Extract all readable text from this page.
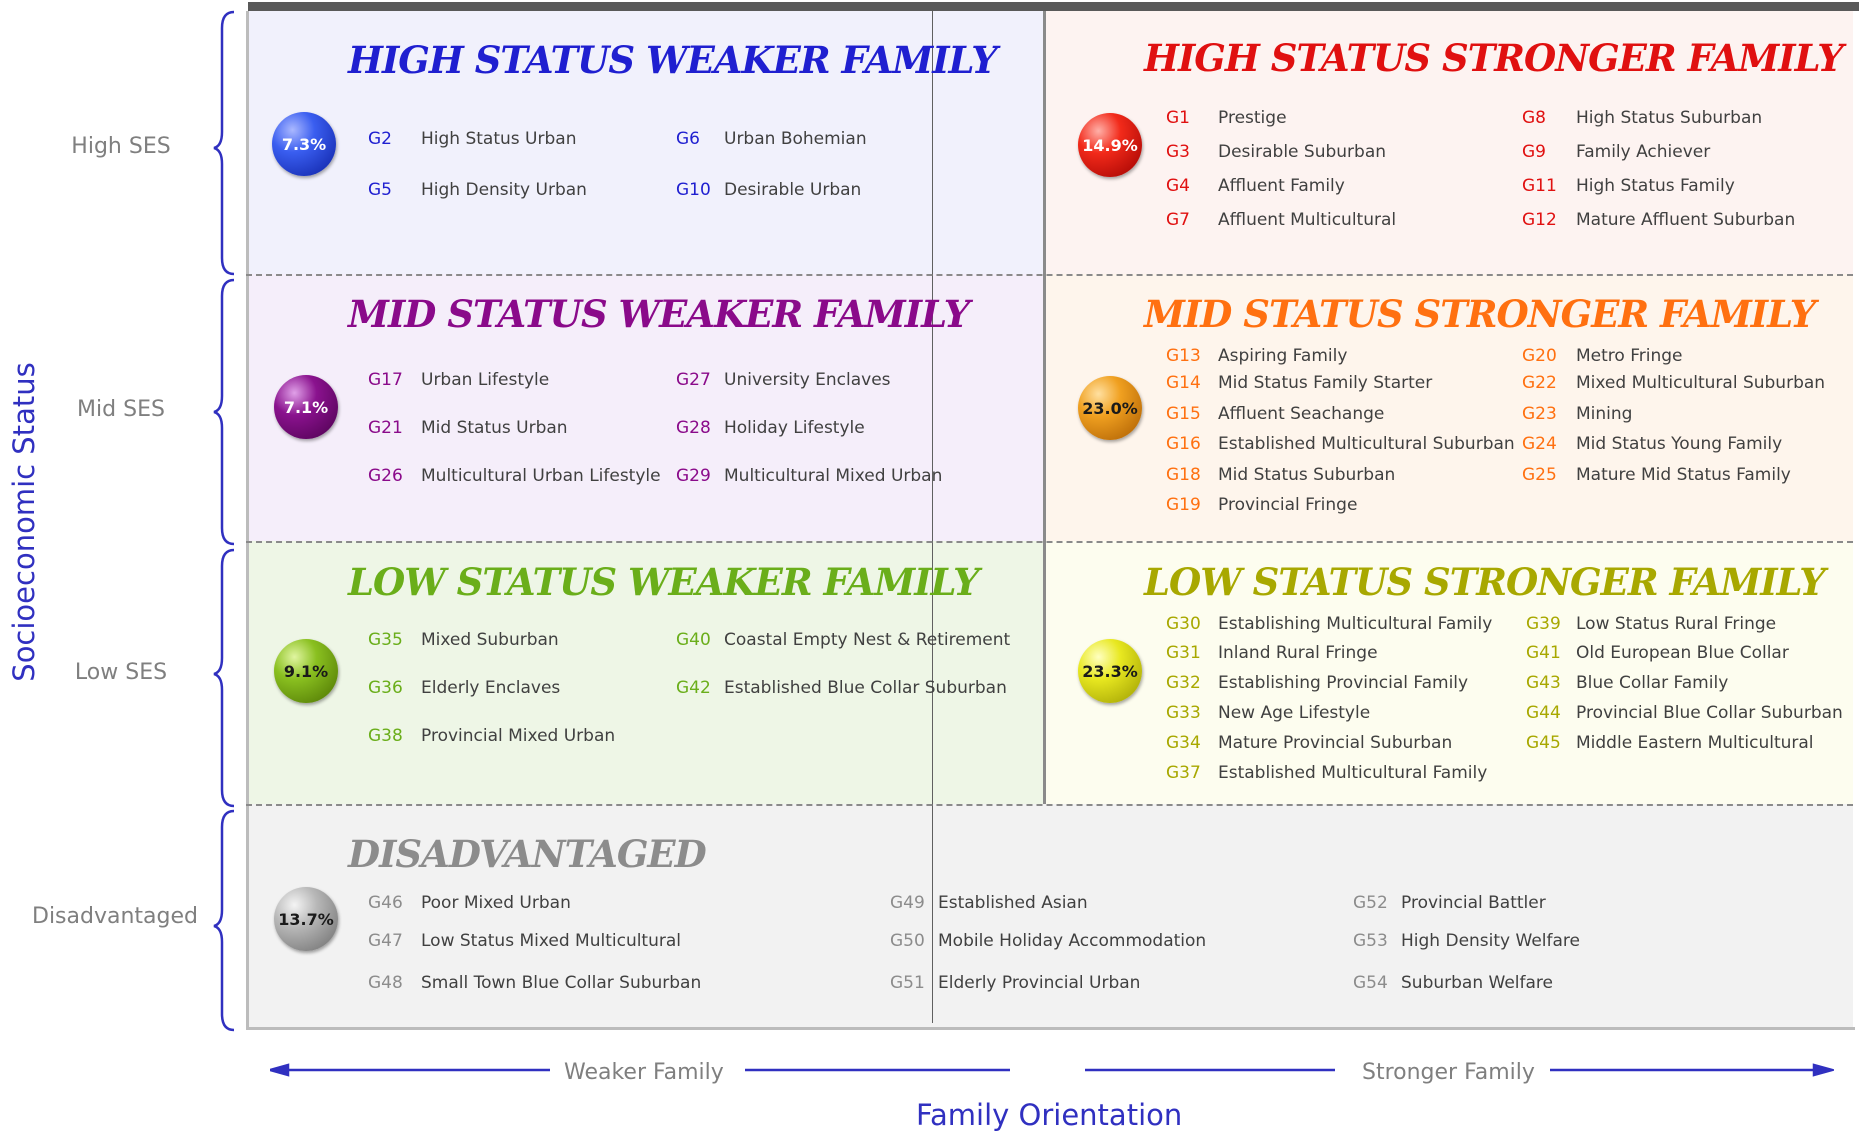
HIGH STATUS WEAKER FAMILY	HIGH STATUS STRONGER FAMILY
MID STATUS WEAKER FAMILY	MID STATUS STRONGER FAMILY
LOW STATUS WEAKER FAMILY	LOW STATUS STRONGER FAMILY
DISADVANTAGED
7.3%	14.9%
7.1%	23.0%
9.1%	23.3%
13.7%
G2 High Status Urban
G5 High Density Urban
G6 Urban Bohemian
G10 Desirable Urban
G1 Prestige
G3 Desirable Suburban
G4 Affluent Family
G7 Affluent Multicultural
G8 High Status Suburban
G9 Family Achiever
G11 High Status Family
G12 Mature Affluent Suburban
G17 Urban Lifestyle
G21 Mid Status Urban
G26 Multicultural Urban Lifestyle
G27 University Enclaves
G28 Holiday Lifestyle
G29 Multicultural Mixed Urban
G13 Aspiring Family
G14 Mid Status Family Starter
G15 Affluent Seachange
G16 Established Multicultural Suburban
G18 Mid Status Suburban
G19 Provincial Fringe
G20 Metro Fringe
G22 Mixed Multicultural Suburban
G23 Mining
G24 Mid Status Young Family
G25 Mature Mid Status Family
G35 Mixed Suburban
G36 Elderly Enclaves
G38 Provincial Mixed Urban
G40 Coastal Empty Nest & Retirement
G42 Established Blue Collar Suburban
G30 Establishing Multicultural Family
G31 Inland Rural Fringe
G32 Establishing Provincial Family
G33 New Age Lifestyle
G34 Mature Provincial Suburban
G37 Established Multicultural Family
G39 Low Status Rural Fringe
G41 Old European Blue Collar
G43 Blue Collar Family
G44 Provincial Blue Collar Suburban
G45 Middle Eastern Multicultural
G46 Poor Mixed Urban
G47 Low Status Mixed Multicultural
G48 Small Town Blue Collar Suburban
G49 Established Asian
G50 Mobile Holiday Accommodation
G51 Elderly Provincial Urban
G52 Provincial Battler
G53 High Density Welfare
G54 Suburban Welfare
High SES
Mid SES
Low SES
Disadvantaged
Socioeconomic Status
Weaker Family	Stronger Family
Family Orientation
